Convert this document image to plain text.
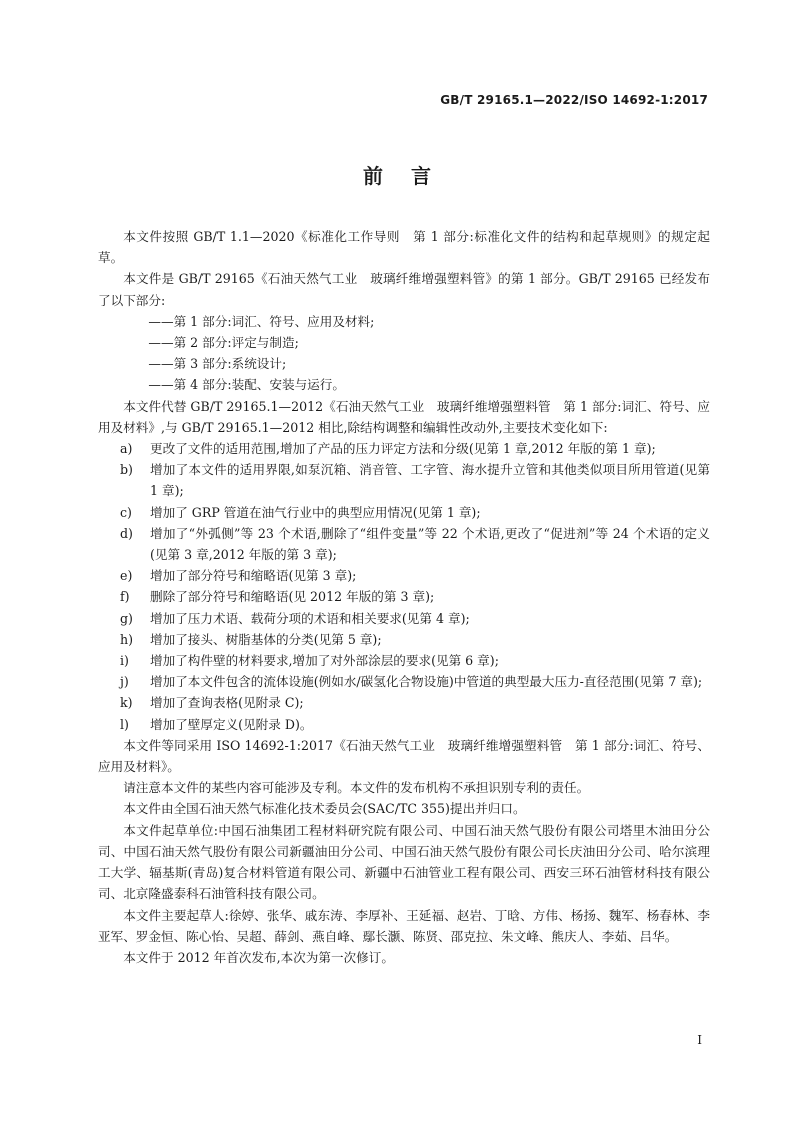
GB/T 29165.1—2022/ISO 14692-1:2017
前言

本文件按照 GB/T 1.1—2020《标准化工作导则　第 1 部分:标准化文件的结构和起草规则》的规定起草。

本文件是 GB/T 29165《石油天然气工业　玻璃纤维增强塑料管》的第 1 部分。GB/T 29165 已经发布了以下部分:

——第 1 部分:词汇、符号、应用及材料;

——第 2 部分:评定与制造;

——第 3 部分:系统设计;

——第 4 部分:装配、安装与运行。

本文件代替 GB/T 29165.1—2012《石油天然气工业　玻璃纤维增强塑料管　第 1 部分:词汇、符号、应用及材料》,与 GB/T 29165.1—2012 相比,除结构调整和编辑性改动外,主要技术变化如下:

a)	更改了文件的适用范围,增加了产品的压力评定方法和分级(见第 1 章,2012 年版的第 1 章);
b)	增加了本文件的适用界限,如泵沉箱、消音管、工字管、海水提升立管和其他类似项目所用管道(见第 1 章);
c)	增加了 GRP 管道在油气行业中的典型应用情况(见第 1 章);
d)	增加了“外弧侧”等 23 个术语,删除了“组件变量”等 22 个术语,更改了“促进剂”等 24 个术语的定义(见第 3 章,2012 年版的第 3 章);
e)	增加了部分符号和缩略语(见第 3 章);
f)	删除了部分符号和缩略语(见 2012 年版的第 3 章);
g)	增加了压力术语、载荷分项的术语和相关要求(见第 4 章);
h)	增加了接头、树脂基体的分类(见第 5 章);
i)	增加了构件壁的材料要求,增加了对外部涂层的要求(见第 6 章);
j)	增加了本文件包含的流体设施(例如水/碳氢化合物设施)中管道的典型最大压力-直径范围(见第 7 章);
k)	增加了查询表格(见附录 C);
l)	增加了壁厚定义(见附录 D)。

本文件等同采用 ISO 14692-1:2017《石油天然气工业　玻璃纤维增强塑料管　第 1 部分:词汇、符号、应用及材料》。

请注意本文件的某些内容可能涉及专利。本文件的发布机构不承担识别专利的责任。

本文件由全国石油天然气标准化技术委员会(SAC/TC 355)提出并归口。

本文件起草单位:中国石油集团工程材料研究院有限公司、中国石油天然气股份有限公司塔里木油田分公司、中国石油天然气股份有限公司新疆油田分公司、中国石油天然气股份有限公司长庆油田分公司、哈尔滨理工大学、辐基斯(青岛)复合材料管道有限公司、新疆中石油管业工程有限公司、西安三环石油管材科技有限公司、北京隆盛泰科石油管科技有限公司。

本文件主要起草人:徐婷、张华、戚东涛、李厚补、王延福、赵岩、丁晗、方伟、杨扬、魏军、杨春林、李亚军、罗金恒、陈心怡、吴超、薛剑、燕自峰、鄢长灏、陈贤、邵克拉、朱文峰、熊庆人、李茹、吕华。

本文件于 2012 年首次发布,本次为第一次修订。

I
